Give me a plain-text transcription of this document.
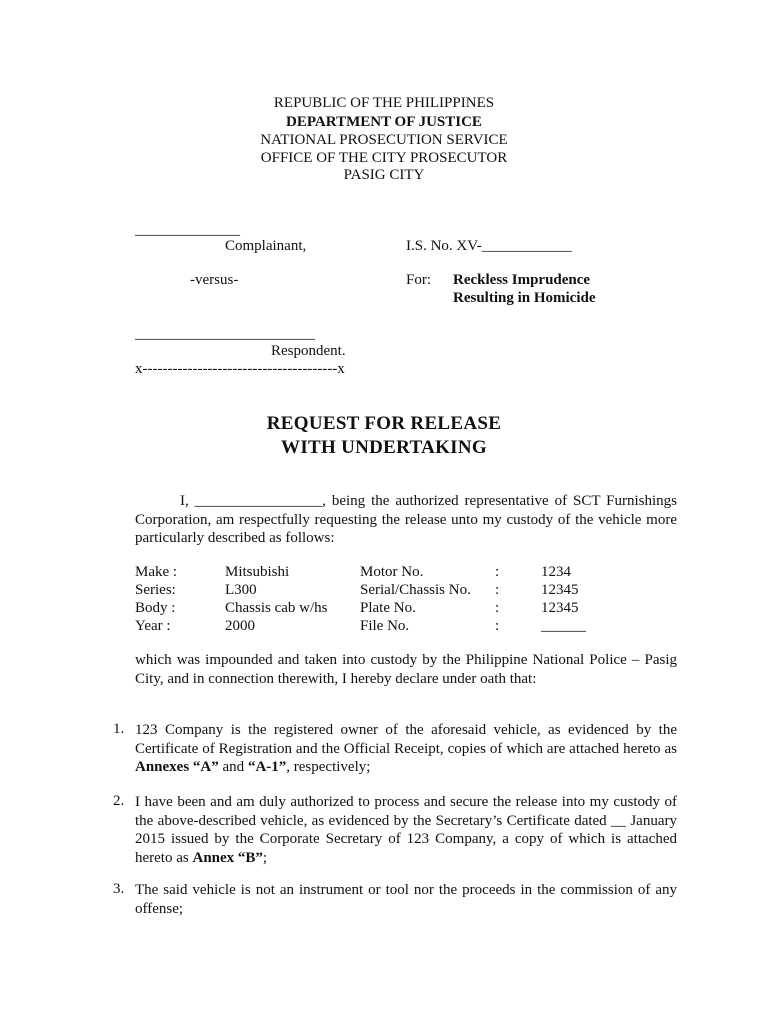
REPUBLIC OF THE PHILIPPINES
DEPARTMENT OF JUSTICE
NATIONAL PROSECUTION SERVICE
OFFICE OF THE CITY PROSECUTOR
PASIG CITY
______________
Complainant,	I.S. No. XV-____________
-versus-	For: Reckless Imprudence
Resulting in Homicide
________________________
Respondent.
x---------------------------------------x
REQUEST FOR RELEASE
WITH UNDERTAKING
I, _________________, being the authorized representative of SCT Furnishings Corporation, am respectfully requesting the release unto my custody of the vehicle more particularly described as follows:
Make :	Mitsubishi	Motor No.	:	1234
Series:	L300	Serial/Chassis No.	:	12345
Body :	Chassis cab w/hs	Plate No.	:	12345
Year :	2000	File No.	:	______
which was impounded and taken into custody by the Philippine National Police – Pasig City, and in connection therewith, I hereby declare under oath that:
1. 123 Company is the registered owner of the aforesaid vehicle, as evidenced by the Certificate of Registration and the Official Receipt, copies of which are attached hereto as Annexes “A” and “A-1”, respectively;
2. I have been and am duly authorized to process and secure the release into my custody of the above-described vehicle, as evidenced by the Secretary’s Certificate dated __ January 2015 issued by the Corporate Secretary of 123 Company, a copy of which is attached hereto as Annex “B”;
3. The said vehicle is not an instrument or tool nor the proceeds in the commission of any offense;
